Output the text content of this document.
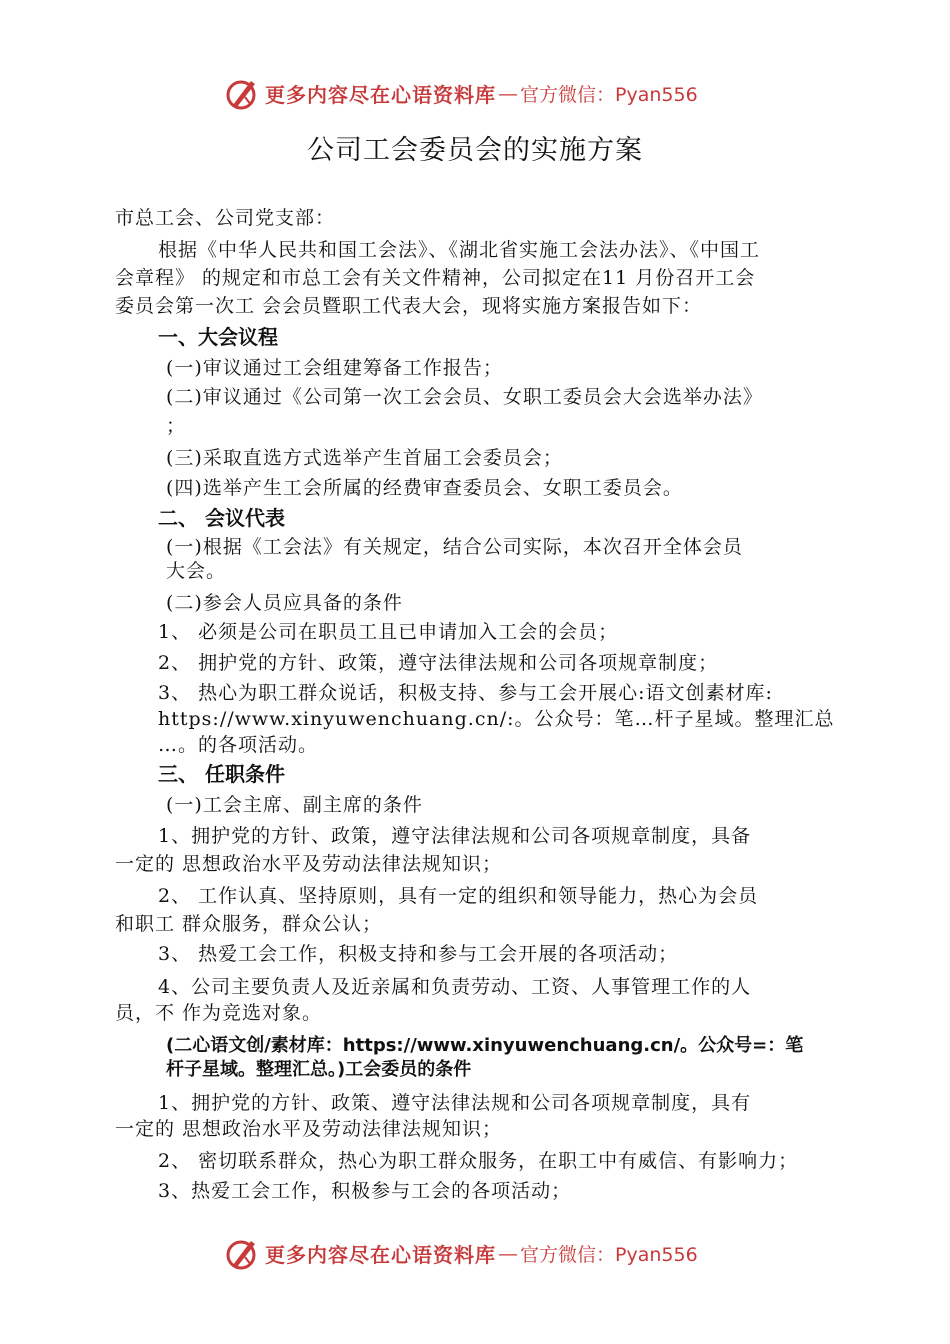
更多内容尽在心语资料库 — 官方微信：Pyan556
公司工会委员会的实施方案
市总工会、公司党支部：
根据《中华人民共和国工会法》、《湖北省实施工会法办法》、《中国工
会章程》 的规定和市总工会有关文件精神，公司拟定在11 月份召开工会
委员会第一次工 会会员暨职工代表大会，现将实施方案报告如下：
一、大会议程
(一)审议通过工会组建筹备工作报告；
(二)审议通过《公司第一次工会会员、女职工委员会大会选举办法》
；
(三)采取直选方式选举产生首届工会委员会；
(四)选举产生工会所属的经费审查委员会、女职工委员会。
二、 会议代表
(一)根据《工会法》有关规定，结合公司实际，本次召开全体会员
大会。
(二)参会人员应具备的条件
1、 必须是公司在职员工且已申请加入工会的会员；
2、 拥护党的方针、政策，遵守法律法规和公司各项规章制度；
3、 热心为职工群众说话，积极支持、参与工会开展心:语文创素材库:
https://www.xinyuwenchuang.cn/:。公众号：笔…杆子星域。整理汇总
…。的各项活动。
三、 任职条件
(一)工会主席、副主席的条件
1、拥护党的方针、政策，遵守法律法规和公司各项规章制度，具备
一定的 思想政治水平及劳动法律法规知识；
2、 工作认真、坚持原则，具有一定的组织和领导能力，热心为会员
和职工 群众服务，群众公认；
3、 热爱工会工作，积极支持和参与工会开展的各项活动；
4、公司主要负责人及近亲属和负责劳动、工资、人事管理工作的人
员，不 作为竞选对象。
(二心语文创/素材库：https://www.xinyuwenchuang.cn/。公众号=：笔
杆子星域。整理汇总。)工会委员的条件
1、拥护党的方针、政策、遵守法律法规和公司各项规章制度，具有
一定的 思想政治水平及劳动法律法规知识；
2、 密切联系群众，热心为职工群众服务，在职工中有威信、有影响力；
3、热爱工会工作，积极参与工会的各项活动；
更多内容尽在心语资料库 — 官方微信：Pyan556
